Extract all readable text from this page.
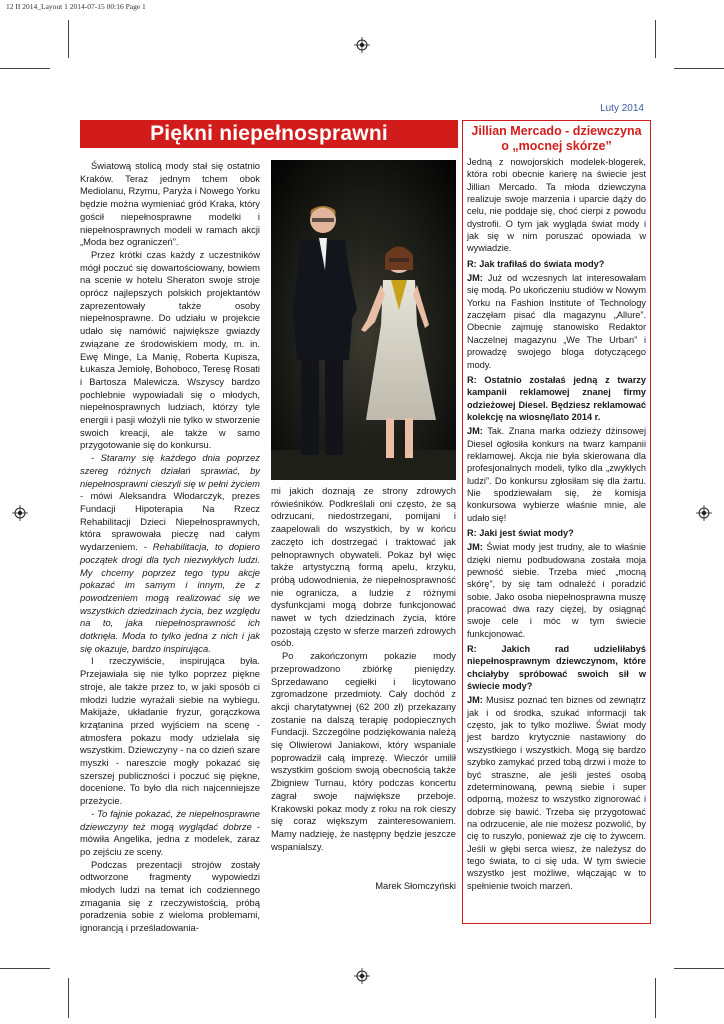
12 II 2014_Layout 1 2014-07-15 00:16 Page 1
Luty 2014
Piękni niepełnosprawni

Światową stolicą mody stał się ostatnio Kraków. Teraz jednym tchem obok Mediolanu, Rzymu, Paryża i Nowego Yorku będzie można wymieniać gród Kraka, który gościł niepełnosprawne modelki i niepełnosprawnych modeli w ramach akcji „Moda bez ograniczeń”.

Przez krótki czas każdy z uczestników mógł poczuć się dowartościowany, bowiem na scenie w hotelu Sheraton swoje stroje oprócz najlepszych polskich projektantów zaprezentowały także osoby niepełnosprawne. Do udziału w projekcie udało się namówić największe gwiazdy związane ze środowiskiem mody, m. in. Ewę Minge, La Manię, Roberta Kupisza, Łukasza Jemiołę, Bohoboco, Teresę Rosati i Bartosza Malewicza. Wszyscy bardzo pochlebnie wypowiadali się o młodych, niepełnosprawnych ludziach, którzy tyle energii i pasji włożyli nie tylko w stworzenie swoich kreacji, ale także w samo przygotowanie się do konkursu.

- Staramy się każdego dnia poprzez szereg różnych działań sprawiać, by niepełnosprawni cieszyli się w pełni życiem - mówi Aleksandra Włodarczyk, prezes Fundacji Hipoterapia Na Rzecz Rehabilitacji Dzieci Niepełnosprawnych, która sprawowała pieczę nad całym wydarzeniem. - Rehabilitacja, to dopiero początek drogi dla tych niezwykłych ludzi. My chcemy poprzez tego typu akcje pokazać im samym i innym, że z powodzeniem mogą realizować się we wszystkich dziedzinach życia, bez względu na to, jaka niepełnosprawność ich dotknęła. Moda to tylko jedna z nich i jak się okazuje, bardzo inspirująca.

I rzeczywiście, inspirująca była. Przejawiała się nie tylko poprzez piękne stroje, ale także przez to, w jaki sposób ci młodzi ludzie wyrażali siebie na wybiegu. Makijaże, układanie fryzur, gorączkowa krzątanina przed wyjściem na scenę - atmosfera pokazu mody udzielała się wszystkim. Dziewczyny - na co dzień szare myszki - nareszcie mogły pokazać się szerszej publiczności i poczuć się piękne, docenione. To było dla nich najcenniejsze przeżycie.

- To fajnie pokazać, że niepełnosprawne dziewczyny też mogą wyglądać dobrze - mówiła Angelika, jedna z modelek, zaraz po zejściu ze sceny.

Podczas prezentacji strojów zostały odtworzone fragmenty wypowiedzi młodych ludzi na temat ich codziennego zmagania się z rzeczywistością, próbą poradzenia sobie z wieloma problemami, ignorancją i prześladowania-

mi jakich doznają ze strony zdrowych rówieśników. Podkreślali oni często, że są odrzucani, niedostrzegani, pomijani i zaapelowali do wszystkich, by w końcu zaczęto ich dostrzegać i traktować jak pełnoprawnych obywateli. Pokaz był więc także artystyczną formą apelu, krzyku, próbą udowodnienia, że niepełnosprawność nie ogranicza, a ludzie z różnymi dysfunkcjami mogą dobrze funkcjonować nawet w tych dziedzinach życia, które pozostają często w sferze marzeń zdrowych osób.

Po zakończonym pokazie mody przeprowadzono zbiórkę pieniędzy. Sprzedawano cegiełki i licytowano zgromadzone przedmioty. Cały dochód z akcji charytatywnej (62 200 zł) przekazany zostanie na dalszą terapię podopiecznych Fundacji. Szczególne podziękowania należą się Oliwierowi Janiakowi, który wspaniale poprowadził całą imprezę. Wieczór umilił wszystkim gościom swoją obecnością także Zbigniew Turnau, który podczas koncertu zagrał swoje największe przeboje. Krakowski pokaz mody z roku na rok cieszy się coraz większym zainteresowaniem. Mamy nadzieję, że następny będzie jeszcze wspanialszy.

Marek Słomczyński
Jillian Mercado - dziewczyna o „mocnej skórze”

Jedną z nowojorskich modelek-blogerek, która robi obecnie karierę na świecie jest Jillian Mercado. Ta młoda dziewczyna realizuje swoje marzenia i uparcie dąży do celu, nie poddaje się, choć cierpi z powodu dystrofii. O tym jak wygląda świat mody i jak się w nim poruszać opowiada w wywiadzie.

R: Jak trafiłaś do świata mody?

JM: Już od wczesnych lat interesowałam się modą. Po ukończeniu studiów w Nowym Yorku na Fashion Institute of Technology zaczęłam pisać dla magazynu „Allure”. Obecnie zajmuję stanowisko Redaktor Naczelnej magazynu „We The Urban” i prowadzę swojego bloga dotyczącego mody.

R: Ostatnio zostałaś jedną z twarzy kampanii reklamowej znanej firmy odzieżowej Diesel. Będziesz reklamować kolekcję na wiosnę/lato 2014 r.

JM: Tak. Znana marka odzieży dżinsowej Diesel ogłosiła konkurs na twarz kampanii reklamowej. Akcja nie była skierowana dla profesjonalnych modeli, tylko dla „zwykłych ludzi”. Do konkursu zgłosiłam się dla żartu. Nie spodziewałam się, że komisja konkursowa wybierze właśnie mnie, ale udało się!

R: Jaki jest świat mody?

JM: Świat mody jest trudny, ale to właśnie dzięki niemu podbudowana została moja pewność siebie. Trzeba mieć „mocną skórę”, by się tam odnaleźć i poradzić sobie. Jako osoba niepełnosprawna muszę pracować dwa razy ciężej, by osiągnąć swoje cele i móc w tym świecie funkcjonować.

R: Jakich rad udzieliłabyś niepełnosprawnym dziewczynom, które chciałyby spróbować swoich sił w świecie mody?

JM: Musisz poznać ten biznes od zewnątrz jak i od środka, szukać informacji tak często, jak to tylko możliwe. Świat mody jest bardzo krytycznie nastawiony do wszystkiego i wszystkich. Mogą się bardzo szybko zamykać przed tobą drzwi i może to być straszne, ale jeśli jesteś osobą zdeterminowaną, pewną siebie i super odporną, możesz to wszystko zignorować i dobrze się bawić. Trzeba się przygotować na odrzucenie, ale nie możesz pozwolić, by cię to ruszyło, ponieważ zje cię to żywcem. Jeśli w głębi serca wiesz, że należysz do tego świata, to ci się uda. W tym świecie wszystko jest możliwe, włączając w to spełnienie twoich marzeń.
